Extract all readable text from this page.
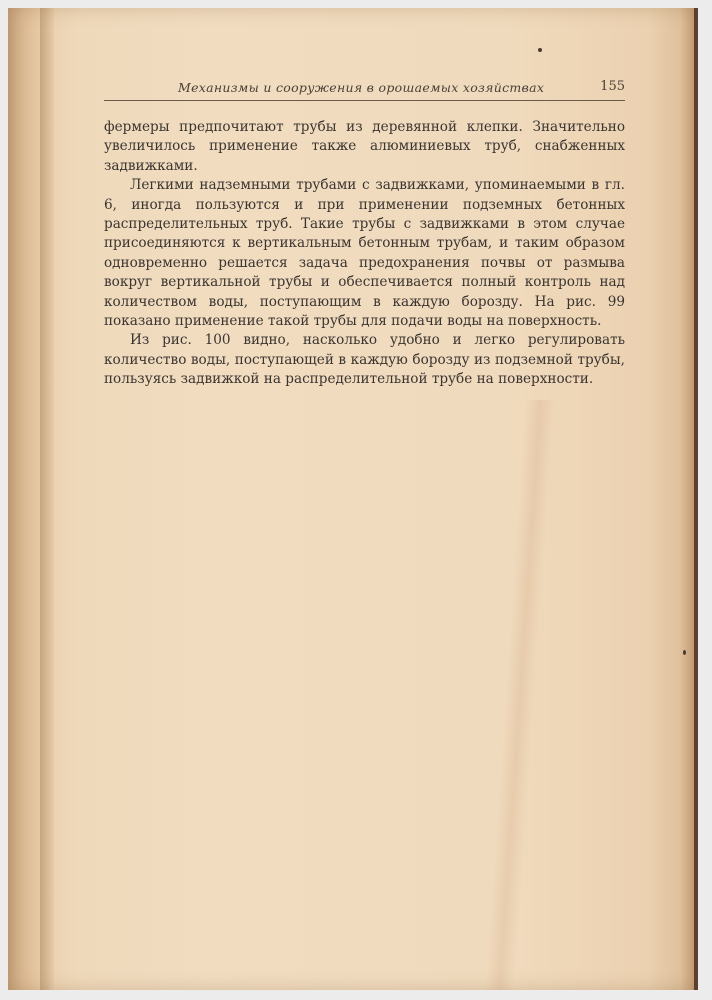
Механизмы и сооружения в орошаемых хозяйствах	155

фермеры предпочитают трубы из деревянной клепки. Значительно увеличилось применение также алюминиевых труб, снабженных задвижками.

Легкими надземными трубами с задвижками, упоминаемыми в гл. 6, иногда пользуются и при применении подземных бетонных распределительных труб. Такие трубы с задвижками в этом случае присоединяются к вертикальным бетонным трубам, и таким образом одновременно решается задача предохранения почвы от размыва вокруг вертикальной трубы и обеспечивается полный контроль над количеством воды, поступающим в каждую борозду. На рис. 99 показано применение такой трубы для подачи воды на поверхность.

Из рис. 100 видно, насколько удобно и легко регулировать количество воды, поступающей в каждую борозду из подземной трубы, пользуясь задвижкой на распределительной трубе на поверхности.
